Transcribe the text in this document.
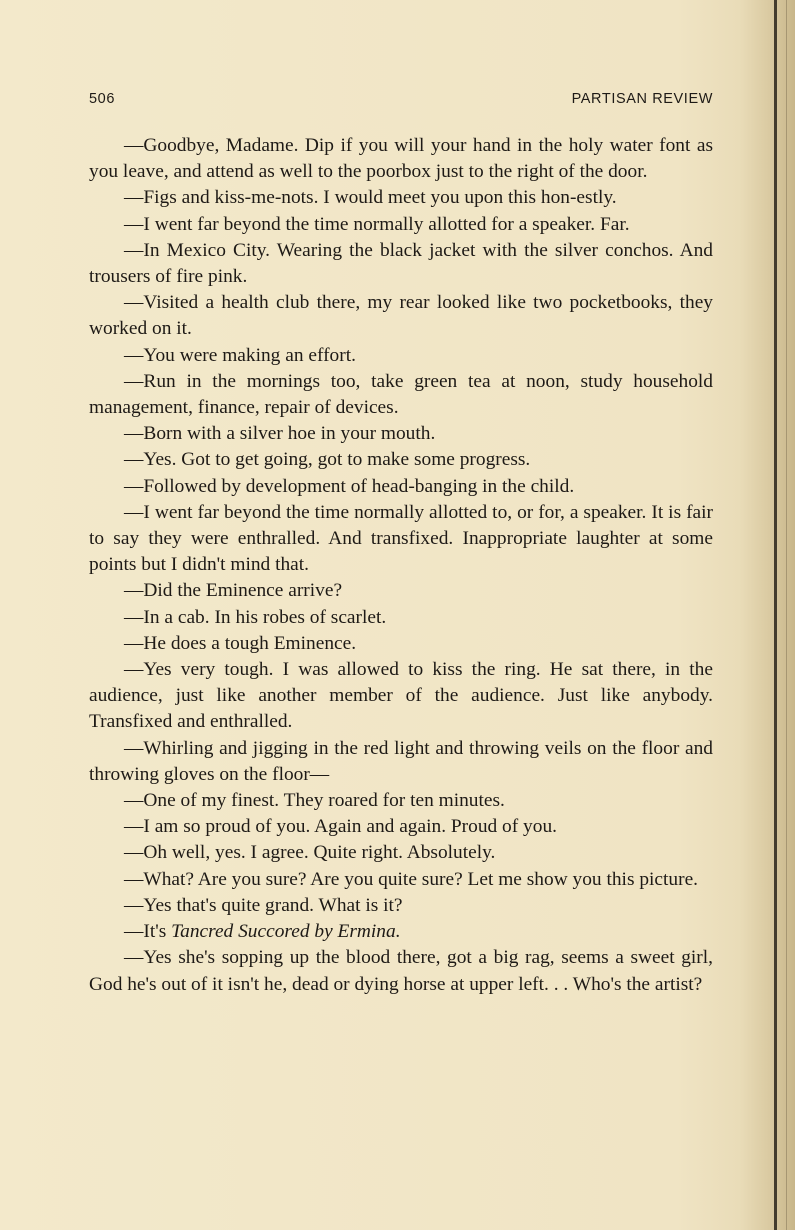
506	PARTISAN REVIEW

—Goodbye, Madame. Dip if you will your hand in the holy water font as you leave, and attend as well to the poorbox just to the right of the door.

—Figs and kiss-me-nots. I would meet you upon this hon-estly.

—I went far beyond the time normally allotted for a speaker. Far.

—In Mexico City. Wearing the black jacket with the silver conchos. And trousers of fire pink.

—Visited a health club there, my rear looked like two pocketbooks, they worked on it.

—You were making an effort.

—Run in the mornings too, take green tea at noon, study household management, finance, repair of devices.

—Born with a silver hoe in your mouth.

—Yes. Got to get going, got to make some progress.

—Followed by development of head-banging in the child.

—I went far beyond the time normally allotted to, or for, a speaker. It is fair to say they were enthralled. And transfixed. Inappropriate laughter at some points but I didn't mind that.

—Did the Eminence arrive?

—In a cab. In his robes of scarlet.

—He does a tough Eminence.

—Yes very tough. I was allowed to kiss the ring. He sat there, in the audience, just like another member of the audience. Just like anybody. Transfixed and enthralled.

—Whirling and jigging in the red light and throwing veils on the floor and throwing gloves on the floor—

—One of my finest. They roared for ten minutes.

—I am so proud of you. Again and again. Proud of you.

—Oh well, yes. I agree. Quite right. Absolutely.

—What? Are you sure? Are you quite sure? Let me show you this picture.

—Yes that's quite grand. What is it?

—It's Tancred Succored by Ermina.

—Yes she's sopping up the blood there, got a big rag, seems a sweet girl, God he's out of it isn't he, dead or dying horse at upper left. . . Who's the artist?
